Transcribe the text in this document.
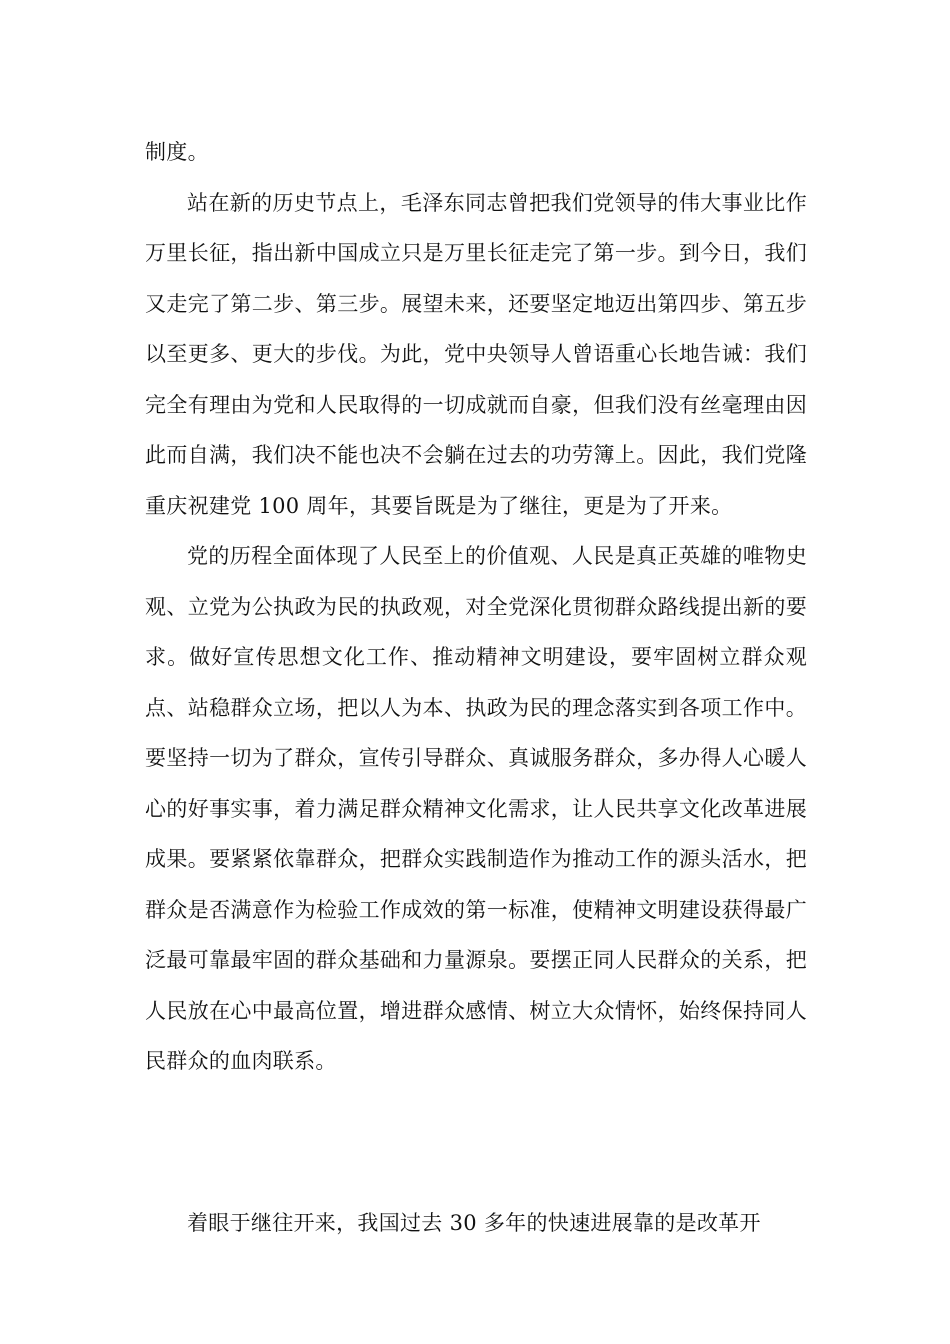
制度。

站在新的历史节点上，毛泽东同志曾把我们党领导的伟大事业比作万里长征，指出新中国成立只是万里长征走完了第一步。到今日，我们又走完了第二步、第三步。展望未来，还要坚定地迈出第四步、第五步以至更多、更大的步伐。为此，党中央领导人曾语重心长地告诫：我们完全有理由为党和人民取得的一切成就而自豪，但我们没有丝毫理由因此而自满，我们决不能也决不会躺在过去的功劳簿上。因此，我们党隆重庆祝建党 100 周年，其要旨既是为了继往，更是为了开来。

党的历程全面体现了人民至上的价值观、人民是真正英雄的唯物史观、立党为公执政为民的执政观，对全党深化贯彻群众路线提出新的要求。做好宣传思想文化工作、推动精神文明建设，要牢固树立群众观点、站稳群众立场，把以人为本、执政为民的理念落实到各项工作中。要坚持一切为了群众，宣传引导群众、真诚服务群众，多办得人心暖人心的好事实事，着力满足群众精神文化需求，让人民共享文化改革进展成果。要紧紧依靠群众，把群众实践制造作为推动工作的源头活水，把群众是否满意作为检验工作成效的第一标准，使精神文明建设获得最广泛最可靠最牢固的群众基础和力量源泉。要摆正同人民群众的关系，把人民放在心中最高位置，增进群众感情、树立大众情怀，始终保持同人民群众的血肉联系。

着眼于继往开来，我国过去 30 多年的快速进展靠的是改革开
